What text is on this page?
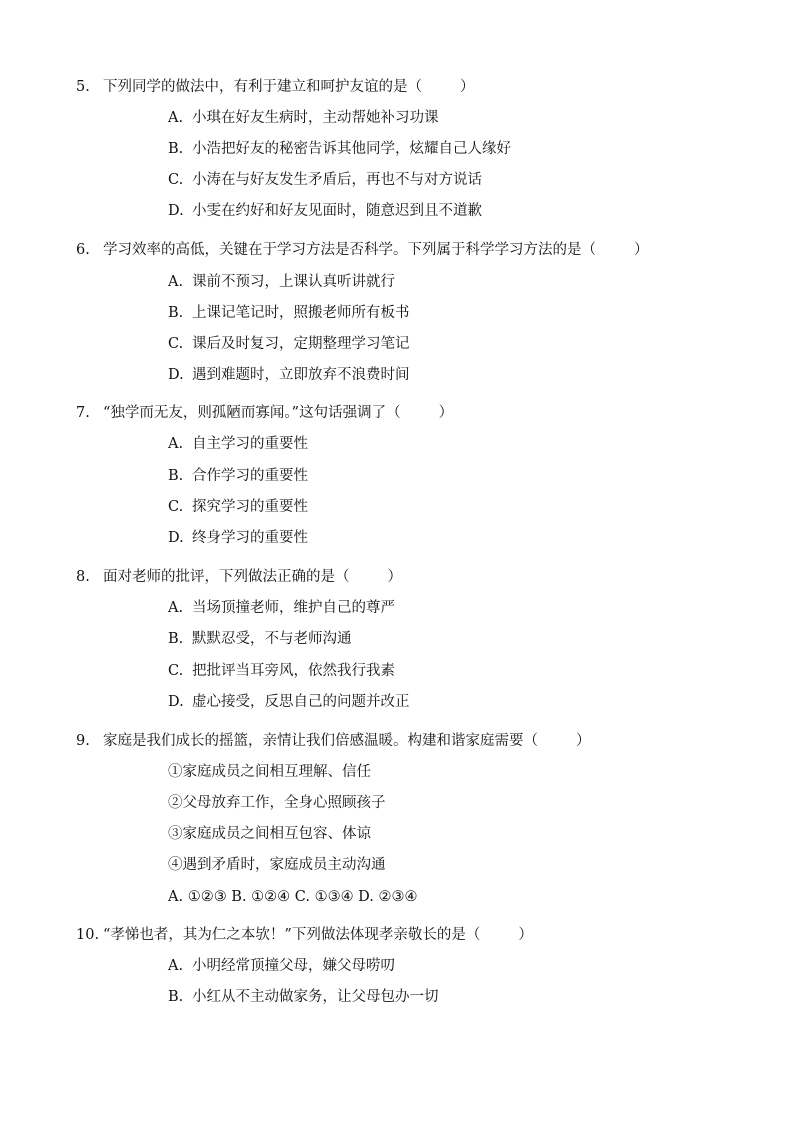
5. 下列同学的做法中，有利于建立和呵护友谊的是（	）
A. 小琪在好友生病时，主动帮她补习功课
B. 小浩把好友的秘密告诉其他同学，炫耀自己人缘好
C. 小涛在与好友发生矛盾后，再也不与对方说话
D. 小雯在约好和好友见面时，随意迟到且不道歉
6. 学习效率的高低，关键在于学习方法是否科学。下列属于科学学习方法的是（	）
A. 课前不预习，上课认真听讲就行
B. 上课记笔记时，照搬老师所有板书
C. 课后及时复习，定期整理学习笔记
D. 遇到难题时，立即放弃不浪费时间
7. “独学而无友，则孤陋而寡闻。”这句话强调了（	）
A. 自主学习的重要性
B. 合作学习的重要性
C. 探究学习的重要性
D. 终身学习的重要性
8. 面对老师的批评，下列做法正确的是（	）
A. 当场顶撞老师，维护自己的尊严
B. 默默忍受，不与老师沟通
C. 把批评当耳旁风，依然我行我素
D. 虚心接受，反思自己的问题并改正
9. 家庭是我们成长的摇篮，亲情让我们倍感温暖。构建和谐家庭需要（	）
①家庭成员之间相互理解、信任
②父母放弃工作，全身心照顾孩子
③家庭成员之间相互包容、体谅
④遇到矛盾时，家庭成员主动沟通
A. ①②③ B. ①②④ C. ①③④ D. ②③④
10. “孝悌也者，其为仁之本欤！”下列做法体现孝亲敬长的是（	）
A. 小明经常顶撞父母，嫌父母唠叨
B. 小红从不主动做家务，让父母包办一切
